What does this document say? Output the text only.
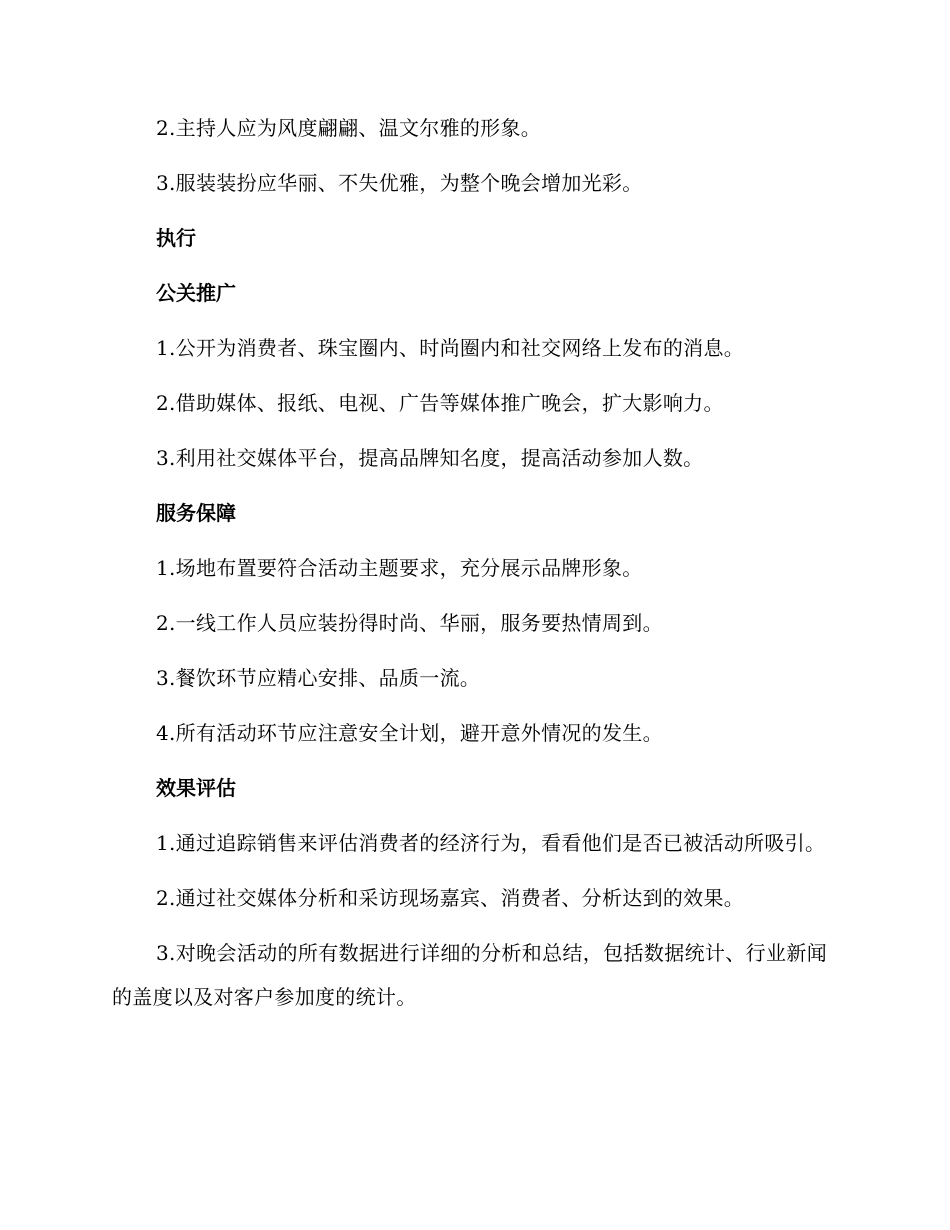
2.主持人应为风度翩翩、温文尔雅的形象。

3.服装装扮应华丽、不失优雅，为整个晚会增加光彩。

执行
公关推广

1.公开为消费者、珠宝圈内、时尚圈内和社交网络上发布的消息。

2.借助媒体、报纸、电视、广告等媒体推广晚会，扩大影响力。

3.利用社交媒体平台，提高品牌知名度，提高活动参加人数。

服务保障

1.场地布置要符合活动主题要求，充分展示品牌形象。

2.一线工作人员应装扮得时尚、华丽，服务要热情周到。

3.餐饮环节应精心安排、品质一流。

4.所有活动环节应注意安全计划，避开意外情况的发生。

效果评估

1.通过追踪销售来评估消费者的经济行为，看看他们是否已被活动所吸引。

2.通过社交媒体分析和采访现场嘉宾、消费者、分析达到的效果。

3.对晚会活动的所有数据进行详细的分析和总结，包括数据统计、行业新闻的盖度以及对客户参加度的统计。
